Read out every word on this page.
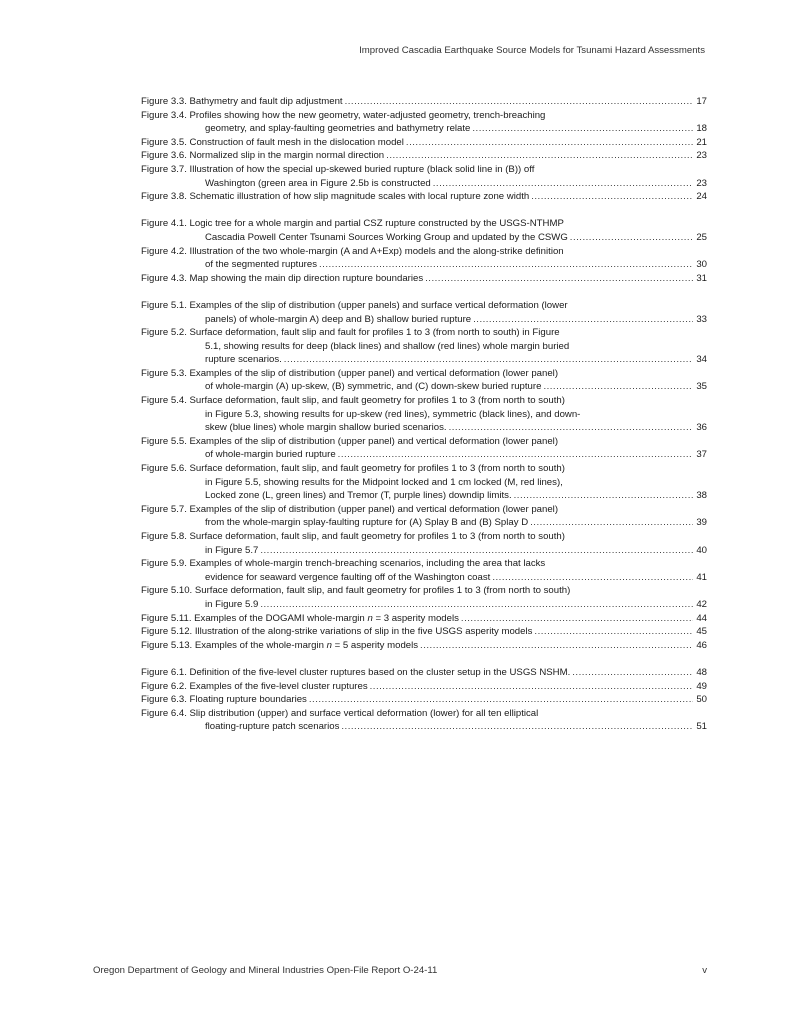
Improved Cascadia Earthquake Source Models for Tsunami Hazard Assessments
Figure 3.3. Bathymetry and fault dip adjustment .....	17
Figure 3.4. Profiles showing how the new geometry, water-adjusted geometry, trench-breaching
geometry, and splay-faulting geometries and bathymetry relate .....	18
Figure 3.5. Construction of fault mesh in the dislocation model .....	21
Figure 3.6. Normalized slip in the margin normal direction .....	23
Figure 3.7. Illustration of how the special up-skewed buried rupture (black solid line in (B)) off
Washington (green area in Figure 2.5b is constructed .....	23
Figure 3.8. Schematic illustration of how slip magnitude scales with local rupture zone width .....	24
Figure 4.1. Logic tree for a whole margin and partial CSZ rupture constructed by the USGS-NTHMP
Cascadia Powell Center Tsunami Sources Working Group and updated by the CSWG .....	25
Figure 4.2. Illustration of the two whole-margin (A and A+Exp) models and the along-strike definition
of the segmented ruptures .....	30
Figure 4.3. Map showing the main dip direction rupture boundaries .....	31
Figure 5.1. Examples of the slip of distribution (upper panels) and surface vertical deformation (lower
panels) of whole-margin A) deep and B) shallow buried rupture .....	33
Figure 5.2. Surface deformation, fault slip and fault for profiles 1 to 3 (from north to south) in Figure
5.1, showing results for deep (black lines) and shallow (red lines) whole margin buried
rupture scenarios. .....	34
Figure 5.3. Examples of the slip of distribution (upper panel) and vertical deformation (lower panel)
of whole-margin (A) up-skew, (B) symmetric, and (C) down-skew buried rupture .....	35
Figure 5.4. Surface deformation, fault slip, and fault geometry for profiles 1 to 3 (from north to south)
in Figure 5.3, showing results for up-skew (red lines), symmetric (black lines), and down-
skew (blue lines) whole margin shallow buried scenarios. .....	36
Figure 5.5. Examples of the slip of distribution (upper panel) and vertical deformation (lower panel)
of whole-margin buried rupture .....	37
Figure 5.6. Surface deformation, fault slip, and fault geometry for profiles 1 to 3 (from north to south)
in Figure 5.5, showing results for the Midpoint locked and 1 cm locked (M, red lines),
Locked zone (L, green lines) and Tremor (T, purple lines) downdip limits. .....	38
Figure 5.7. Examples of the slip of distribution (upper panel) and vertical deformation (lower panel)
from the whole-margin splay-faulting rupture for (A) Splay B and (B) Splay D .....	39
Figure 5.8. Surface deformation, fault slip, and fault geometry for profiles 1 to 3 (from north to south)
in Figure 5.7 .....	40
Figure 5.9. Examples of whole-margin trench-breaching scenarios, including the area that lacks
evidence for seaward vergence faulting off of the Washington coast .....	41
Figure 5.10. Surface deformation, fault slip, and fault geometry for profiles 1 to 3 (from north to south)
in Figure 5.9 .....	42
Figure 5.11. Examples of the DOGAMI whole-margin n = 3 asperity models .....	44
Figure 5.12. Illustration of the along-strike variations of slip in the five USGS asperity models .....	45
Figure 5.13. Examples of the whole-margin n = 5 asperity models .....	46
Figure 6.1. Definition of the five-level cluster ruptures based on the cluster setup in the USGS NSHM. .....	48
Figure 6.2. Examples of the five-level cluster ruptures .....	49
Figure 6.3. Floating rupture boundaries .....	50
Figure 6.4. Slip distribution (upper) and surface vertical deformation (lower) for all ten elliptical
floating-rupture patch scenarios .....	51
Oregon Department of Geology and Mineral Industries Open-File Report O-24-11	v
